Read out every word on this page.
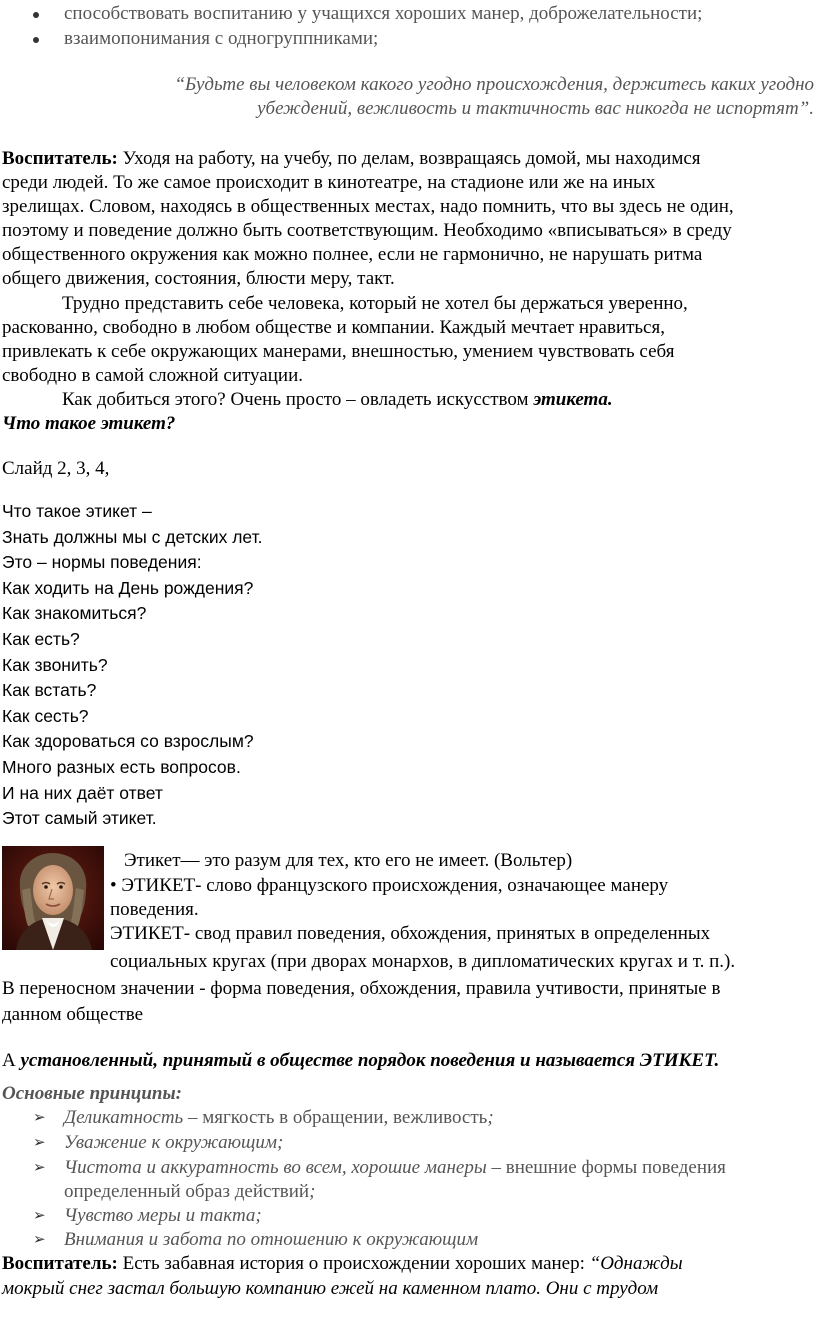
способствовать воспитанию у учащихся хороших манер, доброжелательности;
взаимопонимания с одногруппниками;
“Будьте вы человеком какого угодно происхождения, держитесь каких угодно
убеждений, вежливость и тактичность вас никогда не испортят”.
Воспитатель: Уходя на работу, на учебу, по делам, возвращаясь домой, мы находимся
среди людей. То же самое происходит в кинотеатре, на стадионе или же на иных
зрелищах. Словом, находясь в общественных местах, надо помнить, что вы здесь не один,
поэтому и поведение должно быть соответствующим. Необходимо «вписываться» в среду
общественного окружения как можно полнее, если не гармонично, не нарушать ритма
общего движения, состояния, блюсти меру, такт.
Трудно представить себе человека, который не хотел бы держаться уверенно,
раскованно, свободно в любом обществе и компании. Каждый мечтает нравиться,
привлекать к себе окружающих манерами, внешностью, умением чувствовать себя
свободно в самой сложной ситуации.
Как добиться этого? Очень просто – овладеть искусством этикета.
Что такое этикет?
Слайд 2, 3, 4,
Что такое этикет –
Знать должны мы с детских лет.
Это – нормы поведения:
Как ходить на День рождения?
Как знакомиться?
Как есть?
Как звонить?
Как встать?
Как сесть?
Как здороваться со взрослым?
Много разных есть вопросов.
И на них даёт ответ
Этот самый этикет.
Этикет— это разум для тех, кто его не имеет. (Вольтер)
• ЭТИКЕТ- слово французского происхождения, означающее манеру
поведения.
ЭТИКЕТ- свод правил поведения, обхождения, принятых в определенных
социальных кругах (при дворах монархов, в дипломатических кругах и т. п.).
В переносном значении - форма поведения, обхождения, правила учтивости, принятые в
данном обществе
А установленный, принятый в обществе порядок поведения и называется ЭТИКЕТ.
Основные принципы:
➢ Деликатность – мягкость в обращении, вежливость;
➢ Уважение к окружающим;
➢ Чистота и аккуратность во всем, хорошие манеры – внешние формы поведения
определенный образ действий;
➢ Чувство меры и такта;
➢ Внимания и забота по отношению к окружающим
Воспитатель: Есть забавная история о происхождении хороших манер: “Однажды
мокрый снег застал большую компанию ежей на каменном плато. Они с трудом
